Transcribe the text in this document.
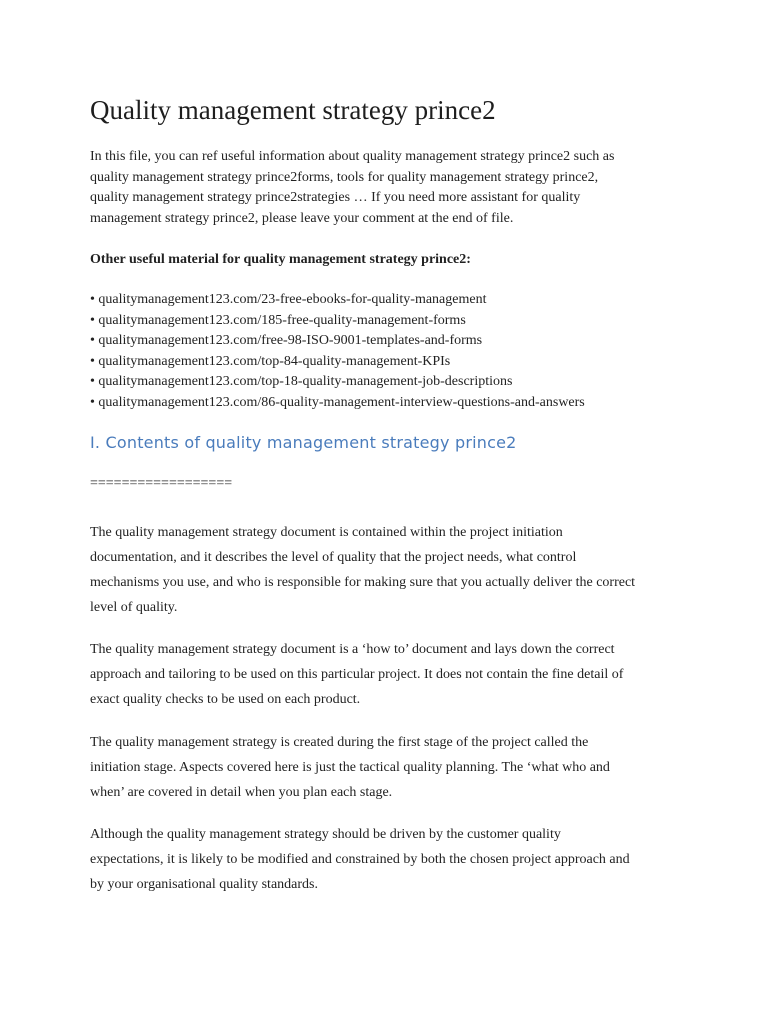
Quality management strategy prince2

In this file, you can ref useful information about quality management strategy prince2 such as
quality management strategy prince2forms, tools for quality management strategy prince2,
quality management strategy prince2strategies … If you need more assistant for quality
management strategy prince2, please leave your comment at the end of file.

Other useful material for quality management strategy prince2:

• qualitymanagement123.com/23-free-ebooks-for-quality-management
• qualitymanagement123.com/185-free-quality-management-forms
• qualitymanagement123.com/free-98-ISO-9001-templates-and-forms
• qualitymanagement123.com/top-84-quality-management-KPIs
• qualitymanagement123.com/top-18-quality-management-job-descriptions
• qualitymanagement123.com/86-quality-management-interview-questions-and-answers
I. Contents of quality management strategy prince2

==================

The quality management strategy document is contained within the project initiation
documentation, and it describes the level of quality that the project needs, what control
mechanisms you use, and who is responsible for making sure that you actually deliver the correct
level of quality.

The quality management strategy document is a ‘how to’ document and lays down the correct
approach and tailoring to be used on this particular project. It does not contain the fine detail of
exact quality checks to be used on each product.

The quality management strategy is created during the first stage of the project called the
initiation stage. Aspects covered here is just the tactical quality planning. The ‘what who and
when’ are covered in detail when you plan each stage.

Although the quality management strategy should be driven by the customer quality
expectations, it is likely to be modified and constrained by both the chosen project approach and
by your organisational quality standards.
